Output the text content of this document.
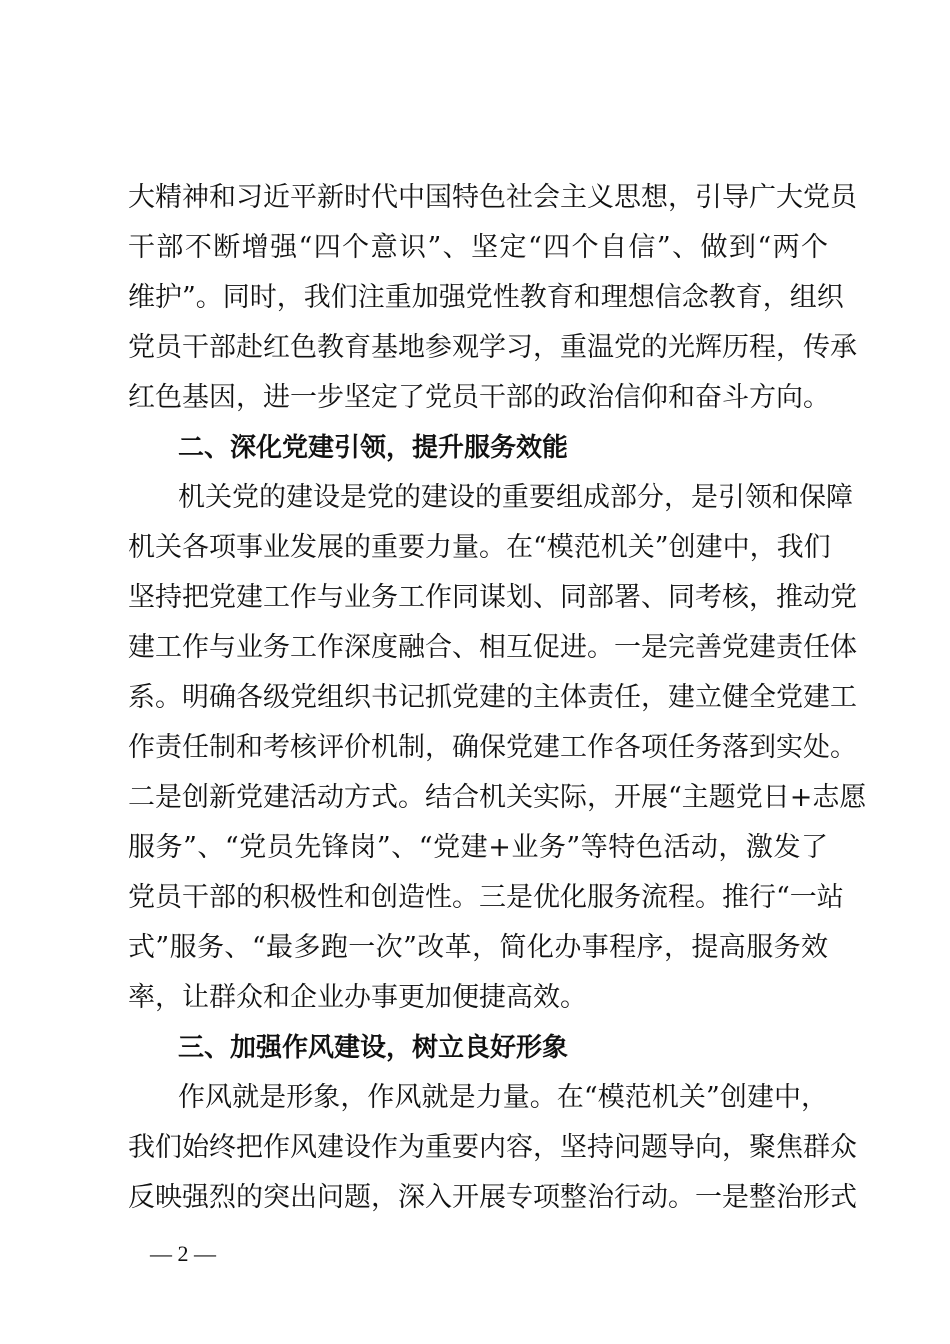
大精神和习近平新时代中国特色社会主义思想，引导广大党员
干部不断增强“四个意识”、坚定“四个自信”、做到“两个
维护”。同时，我们注重加强党性教育和理想信念教育，组织
党员干部赴红色教育基地参观学习，重温党的光辉历程，传承
红色基因，进一步坚定了党员干部的政治信仰和奋斗方向。
二、深化党建引领，提升服务效能
机关党的建设是党的建设的重要组成部分，是引领和保障
机关各项事业发展的重要力量。在“模范机关”创建中，我们
坚持把党建工作与业务工作同谋划、同部署、同考核，推动党
建工作与业务工作深度融合、相互促进。一是完善党建责任体
系。明确各级党组织书记抓党建的主体责任，建立健全党建工
作责任制和考核评价机制，确保党建工作各项任务落到实处。
二是创新党建活动方式。结合机关实际，开展“主题党日+志愿
服务”、“党员先锋岗”、“党建+业务”等特色活动，激发了
党员干部的积极性和创造性。三是优化服务流程。推行“一站
式”服务、“最多跑一次”改革，简化办事程序，提高服务效
率，让群众和企业办事更加便捷高效。
三、加强作风建设，树立良好形象
作风就是形象，作风就是力量。在“模范机关”创建中，
我们始终把作风建设作为重要内容，坚持问题导向，聚焦群众
反映强烈的突出问题，深入开展专项整治行动。一是整治形式
— 2 —
